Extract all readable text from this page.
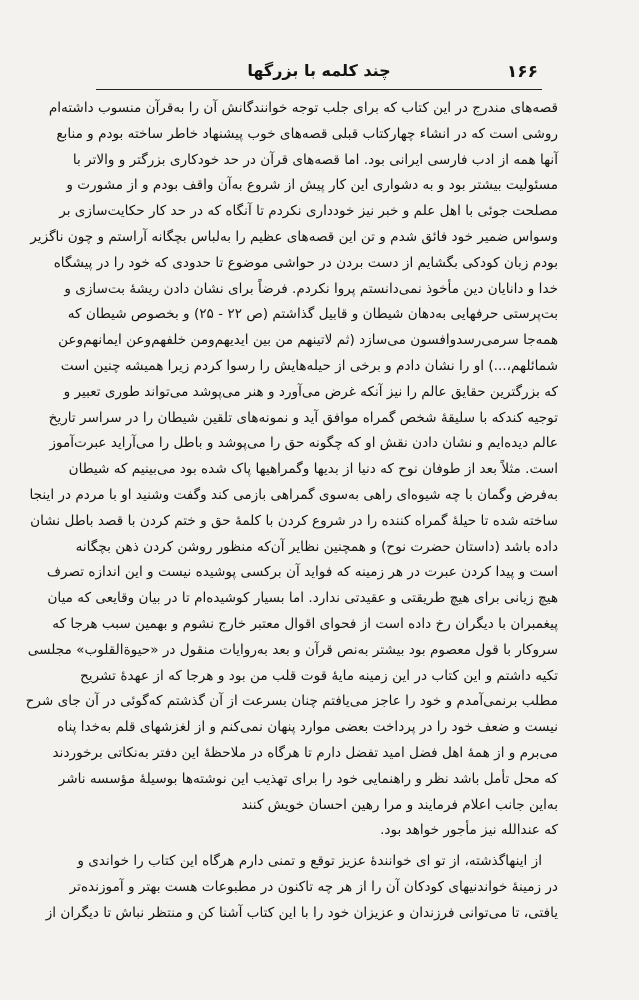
۱۶۶
چند کلمه با بزرگها
قصه‌های مندرج در این کتاب که برای جلب توجه خوانندگانش آن را به‌قرآن منسوب داشته‌ام
روشی است که در انشاء چهارکتاب قبلی قصه‌های خوب پیشنهاد خاطر ساخته بودم و منابع
آنها همه از ادب فارسی ایرانی بود. اما قصه‌های قرآن در حد خودکاری بزرگتر و والاتر با
مسئولیت بیشتر بود و به دشواری این کار پیش از شروع به‌آن واقف بودم و از مشورت و
مصلحت جوئی با اهل علم و خبر نیز خودداری نکردم تا آنگاه که در حد کار حکایت‌سازی بر
وسواس ضمیر خود فائق شدم و تن این قصه‌های عظیم را به‌لباس بچگانه آراستم و چون ناگزیر
بودم زبان کودکی بگشایم از دست بردن در حواشی موضوع تا حدودی که خود را در پیشگاه
خدا و دانایان دین مأخوذ نمی‌دانستم پروا نکردم. فرضاً برای نشان دادن ریشهٔ بت‌سازی و
بت‌پرستی حرفهایی به‌دهان شیطان و قابیل گذاشتم (ص ۲۲ - ۲۵) و بخصوص شیطان که
همه‌جا سرمی‌رسدوافسون می‌سازد (ثم لاتینهم من بین ایدیهم‌ومن خلفهم‌وعن ایمانهم‌وعن
شمائلهم،...) او را نشان دادم و برخی از حیله‌هایش را رسوا کردم زیرا همیشه چنین است
که بزرگترین حقایق عالم را نیز آنکه غرض می‌آورد و هنر می‌پوشد می‌تواند طوری تعبیر و
توجیه کندکه با سلیقهٔ شخص گمراه موافق آید و نمونه‌های تلقین شیطان را در سراسر تاریخ
عالم دیده‌ایم و نشان دادن نقش او که چگونه حق را می‌پوشد و باطل را می‌آراید عبرت‌آموز
است. مثلاً بعد از طوفان نوح که دنیا از بدیها وگمراهیها پاک شده بود می‌بینیم که شیطان
به‌فرض وگمان با چه شیوه‌ای راهی به‌سوی گمراهی بازمی کند وگفت وشنید او با مردم در اینجا
ساخته شده تا حیلهٔ گمراه کننده را در شروع کردن با کلمهٔ حق و ختم کردن با قصد باطل نشان
داده باشد (داستان حضرت نوح) و همچنین نظایر آن‌که منظور روشن کردن ذهن بچگانه
است و پیدا کردن عبرت در هر زمینه که فواید آن برکسی پوشیده نیست و این اندازه تصرف
هیچ زیانی برای هیچ طریقتی و عقیدتی ندارد. اما بسیار کوشیده‌ام تا در بیان وقایعی که میان
پیغمبران با دیگران رخ داده است از فحوای اقوال معتبر خارج نشوم و بهمین سبب هرجا که
سروکار با قول معصوم بود بیشتر به‌نص قرآن و بعد به‌روایات منقول در «حیوةالقلوب» مجلسی
تکیه داشتم و این کتاب در این زمینه مایهٔ قوت قلب من بود و هرجا که از عهدهٔ تشریح
مطلب برنمی‌آمدم و خود را عاجز می‌یافتم چنان بسرعت از آن گذشتم که‌گوئی در آن جای شرح
نیست و ضعف خود را در پرداخت بعضی موارد پنهان نمی‌کنم و از لغزشهای قلم به‌خدا پناه
می‌برم و از همهٔ اهل فضل امید تفضل دارم تا هرگاه در ملاحظهٔ این دفتر به‌نکاتی برخوردند
که محل تأمل باشد نظر و راهنمایی خود را برای تهذیب این نوشته‌ها بوسیلهٔ مؤسسه ناشر
به‌این جانب اعلام فرمایند و مرا رهین احسان خویش کنند
که عندالله نیز مأجور خواهد بود.
از اینهاگذشته، از تو ای خوانندهٔ عزیز توقع و تمنی دارم هرگاه این کتاب را خواندی و
در زمینهٔ خواندنیهای کودکان آن را از هر چه تاکنون در مطبوعات هست بهتر و آموزنده‌تر
یافتی، تا می‌توانی فرزندان و عزیزان خود را با این کتاب آشنا کن و منتظر نباش تا دیگران از
